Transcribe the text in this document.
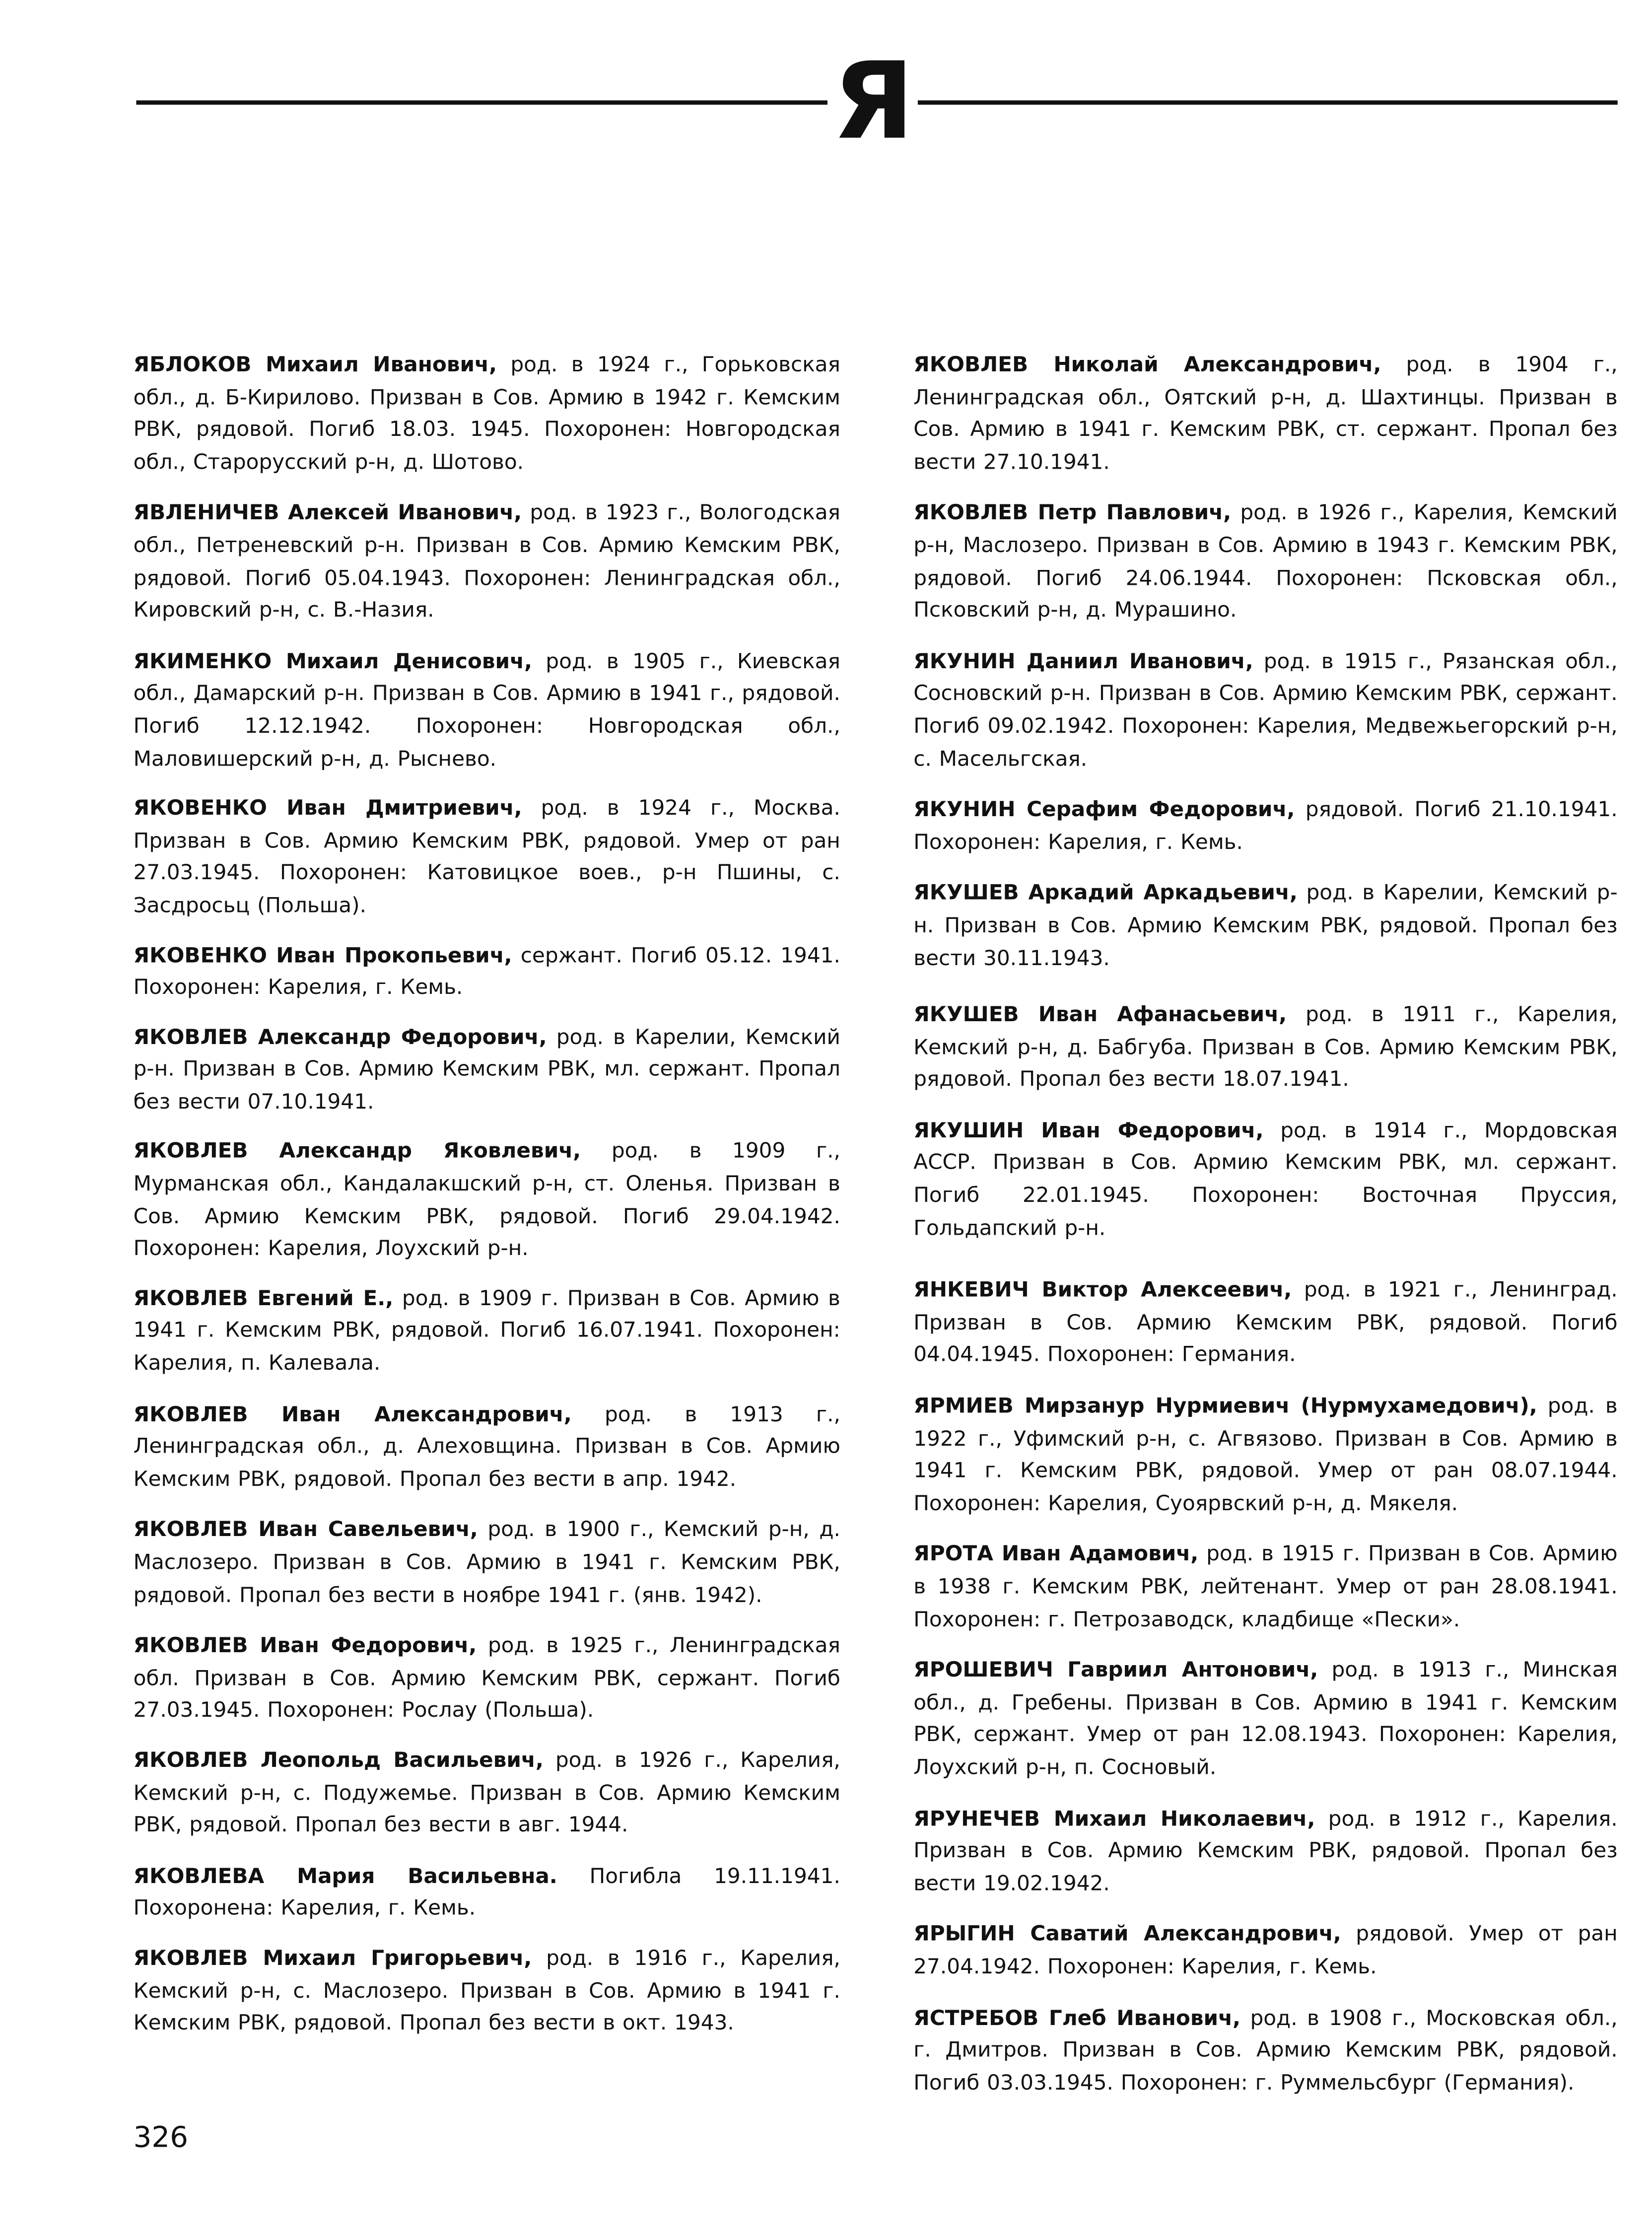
Я
ЯБЛОКОВ Михаил Иванович, род. в 1924 г., Горьковская обл., д. Б-Кирилово. Призван в Сов. Армию в 1942 г. Кемским РВК, рядовой. Погиб 18.03. 1945. Похоронен: Новгородская обл., Старорусский р-н, д. Шотово.
ЯВЛЕНИЧЕВ Алексей Иванович, род. в 1923 г., Вологодская обл., Петреневский р-н. Призван в Сов. Армию Кемским РВК, рядовой. Погиб 05.04.1943. Похоронен: Ленинградская обл., Кировский р-н, с. В.-Назия.
ЯКИМЕНКО Михаил Денисович, род. в 1905 г., Киевская обл., Дамарский р-н. Призван в Сов. Армию в 1941 г., рядовой. Погиб 12.12.1942. Похоронен: Новгородская обл., Маловишерский р-н, д. Рыснево.
ЯКОВЕНКО Иван Дмитриевич, род. в 1924 г., Москва. Призван в Сов. Армию Кемским РВК, рядовой. Умер от ран 27.03.1945. Похоронен: Катовицкое воев., р-н Пшины, с. Засдросьц (Польша).
ЯКОВЕНКО Иван Прокопьевич, сержант. Погиб 05.12. 1941. Похоронен: Карелия, г. Кемь.
ЯКОВЛЕВ Александр Федорович, род. в Карелии, Кемский р-н. Призван в Сов. Армию Кемским РВК, мл. сержант. Пропал без вести 07.10.1941.
ЯКОВЛЕВ Александр Яковлевич, род. в 1909 г., Мурманская обл., Кандалакшский р-н, ст. Оленья. Призван в Сов. Армию Кемским РВК, рядовой. Погиб 29.04.1942. Похоронен: Карелия, Лоухский р-н.
ЯКОВЛЕВ Евгений Е., род. в 1909 г. Призван в Сов. Армию в 1941 г. Кемским РВК, рядовой. Погиб 16.07.1941. Похоронен: Карелия, п. Калевала.
ЯКОВЛЕВ Иван Александрович, род. в 1913 г., Ленинградская обл., д. Алеховщина. Призван в Сов. Армию Кемским РВК, рядовой. Пропал без вести в апр. 1942.
ЯКОВЛЕВ Иван Савельевич, род. в 1900 г., Кемский р-н, д. Маслозеро. Призван в Сов. Армию в 1941 г. Кемским РВК, рядовой. Пропал без вести в ноябре 1941 г. (янв. 1942).
ЯКОВЛЕВ Иван Федорович, род. в 1925 г., Ленинградская обл. Призван в Сов. Армию Кемским РВК, сержант. Погиб 27.03.1945. Похоронен: Рослау (Польша).
ЯКОВЛЕВ Леопольд Васильевич, род. в 1926 г., Карелия, Кемский р-н, с. Подужемье. Призван в Сов. Армию Кемским РВК, рядовой. Пропал без вести в авг. 1944.
ЯКОВЛЕВА Мария Васильевна. Погибла 19.11.1941. Похоронена: Карелия, г. Кемь.
ЯКОВЛЕВ Михаил Григорьевич, род. в 1916 г., Карелия, Кемский р-н, с. Маслозеро. Призван в Сов. Армию в 1941 г. Кемским РВК, рядовой. Пропал без вести в окт. 1943.
ЯКОВЛЕВ Николай Александрович, род. в 1904 г., Ленинградская обл., Оятский р-н, д. Шахтинцы. Призван в Сов. Армию в 1941 г. Кемским РВК, ст. сержант. Пропал без вести 27.10.1941.
ЯКОВЛЕВ Петр Павлович, род. в 1926 г., Карелия, Кемский р-н, Маслозеро. Призван в Сов. Армию в 1943 г. Кемским РВК, рядовой. Погиб 24.06.1944. Похоронен: Псковская обл., Псковский р-н, д. Мурашино.
ЯКУНИН Даниил Иванович, род. в 1915 г., Рязанская обл., Сосновский р-н. Призван в Сов. Армию Кемским РВК, сержант. Погиб 09.02.1942. Похоронен: Карелия, Медвежьегорский р-н, с. Масельгская.
ЯКУНИН Серафим Федорович, рядовой. Погиб 21.10.1941. Похоронен: Карелия, г. Кемь.
ЯКУШЕВ Аркадий Аркадьевич, род. в Карелии, Кемский р-н. Призван в Сов. Армию Кемским РВК, рядовой. Пропал без вести 30.11.1943.
ЯКУШЕВ Иван Афанасьевич, род. в 1911 г., Карелия, Кемский р-н, д. Бабгуба. Призван в Сов. Армию Кемским РВК, рядовой. Пропал без вести 18.07.1941.
ЯКУШИН Иван Федорович, род. в 1914 г., Мордовская АССР. Призван в Сов. Армию Кемским РВК, мл. сержант. Погиб 22.01.1945. Похоронен: Восточная Пруссия, Гольдапский р-н.
ЯНКЕВИЧ Виктор Алексеевич, род. в 1921 г., Ленинград. Призван в Сов. Армию Кемским РВК, рядовой. Погиб 04.04.1945. Похоронен: Германия.
ЯРМИЕВ Мирзанур Нурмиевич (Нурмухамедович), род. в 1922 г., Уфимский р-н, с. Агвязово. Призван в Сов. Армию в 1941 г. Кемским РВК, рядовой. Умер от ран 08.07.1944. Похоронен: Карелия, Суоярвский р-н, д. Мякеля.
ЯРОТА Иван Адамович, род. в 1915 г. Призван в Сов. Армию в 1938 г. Кемским РВК, лейтенант. Умер от ран 28.08.1941. Похоронен: г. Петрозаводск, кладбище «Пески».
ЯРОШЕВИЧ Гавриил Антонович, род. в 1913 г., Минская обл., д. Гребены. Призван в Сов. Армию в 1941 г. Кемским РВК, сержант. Умер от ран 12.08.1943. Похоронен: Карелия, Лоухский р-н, п. Сосновый.
ЯРУНЕЧЕВ Михаил Николаевич, род. в 1912 г., Карелия. Призван в Сов. Армию Кемским РВК, рядовой. Пропал без вести 19.02.1942.
ЯРЫГИН Саватий Александрович, рядовой. Умер от ран 27.04.1942. Похоронен: Карелия, г. Кемь.
ЯСТРЕБОВ Глеб Иванович, род. в 1908 г., Московская обл., г. Дмитров. Призван в Сов. Армию Кемским РВК, рядовой. Погиб 03.03.1945. Похоронен: г. Руммельсбург (Германия).
326
